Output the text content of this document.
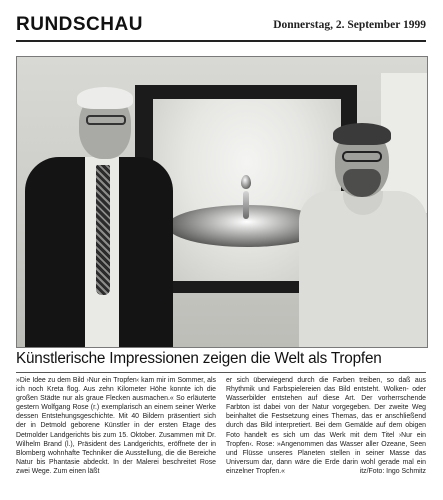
RUNDSCHAU	Donnerstag, 2. September 1999
Künstlerische Impressionen zeigen die Welt als Tropfen

»Die Idee zu dem Bild ›Nur ein Tropfen‹ kam mir im Sommer, als ich noch Kreta flog. Aus zehn Kilometer Höhe konnte ich die großen Städte nur als graue Flecken ausmachen.« So erläuterte gestern Wolfgang Rose (r.) exemplarisch an einem seiner Werke dessen Entstehungsgeschichte. Mit 40 Bildern präsentiert sich der in Detmold geborene Künstler in der ersten Etage des Detmolder Landgerichts bis zum 15. Oktober. Zusammen mit Dr. Wilhelm Brand (l.), Präsident des Landgerichts, eröffnete der in Blomberg wohnhafte Techniker die Ausstellung, die die Bereiche Natur bis Phantasie abdeckt. In der Malerei beschreitet Rose zwei Wege. Zum einen läßt

er sich überwiegend durch die Farben treiben, so daß aus Rhythmik und Farbspielereien das Bild entsteht. Wolken- oder Wasserbilder entstehen auf diese Art. Der vorherrschende Farbton ist dabei von der Natur vorgegeben. Der zweite Weg beinhaltet die Festsetzung eines Themas, das er anschließend durch das Bild interpretiert. Bei dem Gemälde auf dem obigen Foto handelt es sich um das Werk mit dem Titel ›Nur ein Tropfen‹. Rose: »Angenommen das Wasser aller Ozeane, Seen und Flüsse unseres Planeten stellen in seiner Masse das Universum dar, dann wäre die Erde darin wohl gerade mal ein einzelner Tropfen.«	itz/Foto: Ingo Schmitz
